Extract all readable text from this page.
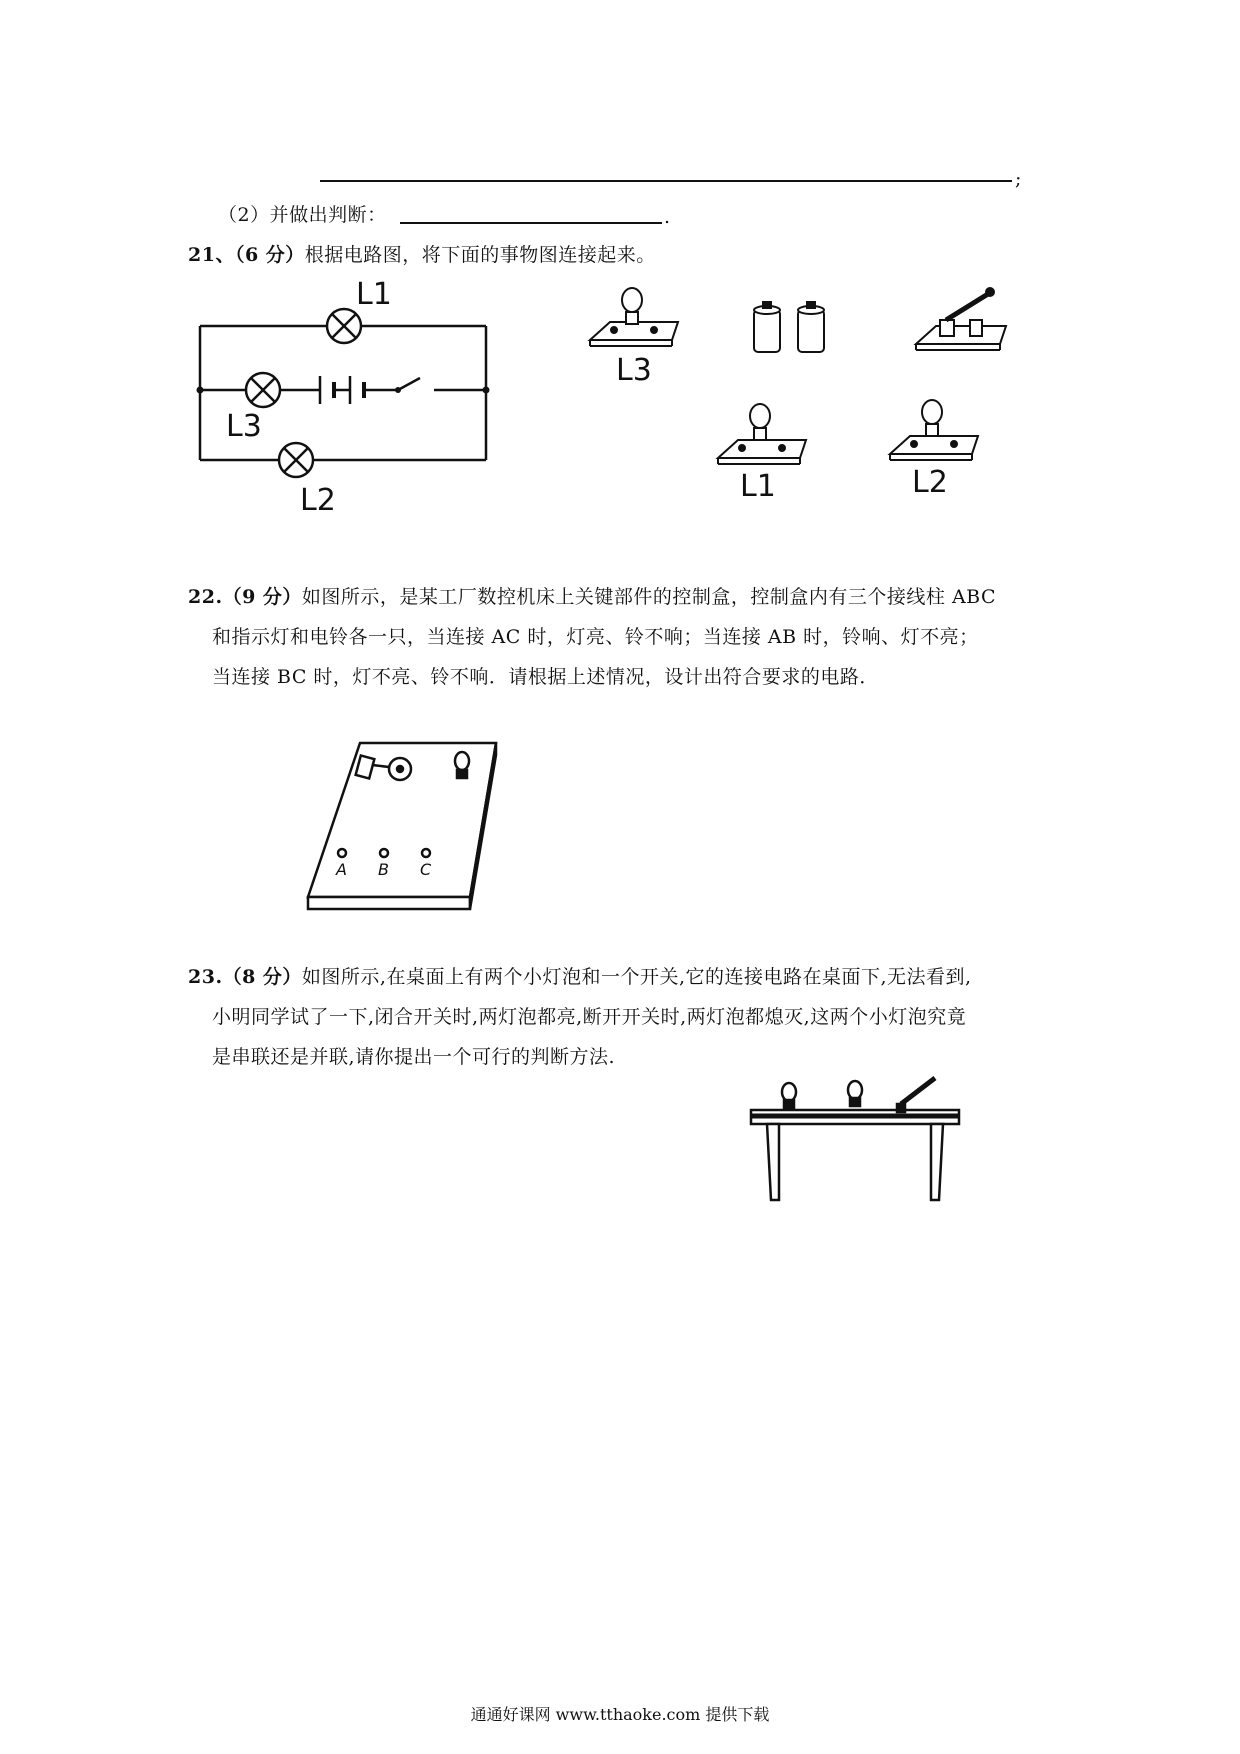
;
（2）并做出判断：	.
21、（6 分）根据电路图，将下面的事物图连接起来。
L1
L3
L2
L3
L1	L2
22.（9 分）如图所示，是某工厂数控机床上关键部件的控制盒，控制盒内有三个接线柱 ABC
和指示灯和电铃各一只，当连接 AC 时，灯亮、铃不响；当连接 AB 时，铃响、灯不亮；
当连接 BC 时，灯不亮、铃不响．请根据上述情况，设计出符合要求的电路．
A B C
23.（8 分）如图所示,在桌面上有两个小灯泡和一个开关,它的连接电路在桌面下,无法看到,
小明同学试了一下,闭合开关时,两灯泡都亮,断开开关时,两灯泡都熄灭,这两个小灯泡究竟
是串联还是并联,请你提出一个可行的判断方法.
通通好课网 www.tthaoke.com 提供下载
